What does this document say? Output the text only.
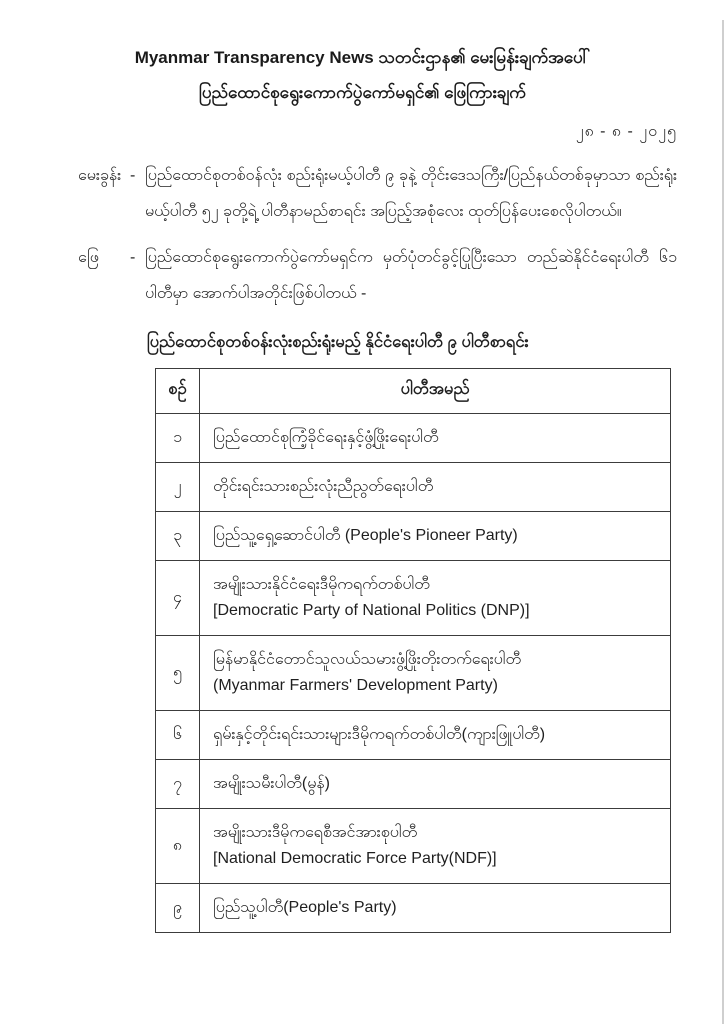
Myanmar Transparency News သတင်းဌာန၏ မေးမြန်းချက်အပေါ်
ပြည်ထောင်စုရွေးကောက်ပွဲကော်မရှင်၏ ဖြေကြားချက်
၂၈ - ၈ - ၂၀၂၅
မေးခွန်း - ပြည်ထောင်စုတစ်ဝန်လုံး စည်းရုံးမယ့်ပါတီ ၉ ခုနဲ့ တိုင်းဒေသကြီး/ပြည်နယ်တစ်ခုမှာသာ စည်းရုံးမယ့်ပါတီ ၅၂ ခုတို့ရဲ့ ပါတီနာမည်စာရင်း အပြည့်အစုံလေး ထုတ်ပြန်ပေးစေလိုပါတယ်။
ဖြေ	- ပြည်ထောင်စုရွေးကောက်ပွဲကော်မရှင်က မှတ်ပုံတင်ခွင့်ပြုပြီးသော တည်ဆဲနိုင်ငံရေးပါတီ ၆၁ ပါတီမှာ အောက်ပါအတိုင်းဖြစ်ပါတယ် -
ပြည်ထောင်စုတစ်ဝန်းလုံးစည်းရုံးမည့် နိုင်ငံရေးပါတီ ၉ ပါတီစာရင်း
စဉ်	ပါတီအမည်
၁	ပြည်ထောင်စုကြံ့ခိုင်ရေးနှင့်ဖွံ့ဖြိုးရေးပါတီ

၂	တိုင်းရင်းသားစည်းလုံးညီညွတ်ရေးပါတီ

၃	ပြည်သူ့ရှေ့ဆောင်ပါတီ (People's Pioneer Party)

၄	အမျိုးသားနိုင်ငံရေးဒီမိုကရက်တစ်ပါတီ
[Democratic Party of National Politics (DNP)]

၅	မြန်မာနိုင်ငံတောင်သူလယ်သမားဖွံ့ဖြိုးတိုးတက်ရေးပါတီ
(Myanmar Farmers' Development Party)

၆	ရှမ်းနှင့်တိုင်းရင်းသားများဒီမိုကရက်တစ်ပါတီ(ကျားဖြူပါတီ)

၇	အမျိုးသမီးပါတီ(မွန်)

၈	အမျိုးသားဒီမိုကရေစီအင်အားစုပါတီ
[National Democratic Force Party(NDF)]

၉	ပြည်သူ့ပါတီ(People's Party)
